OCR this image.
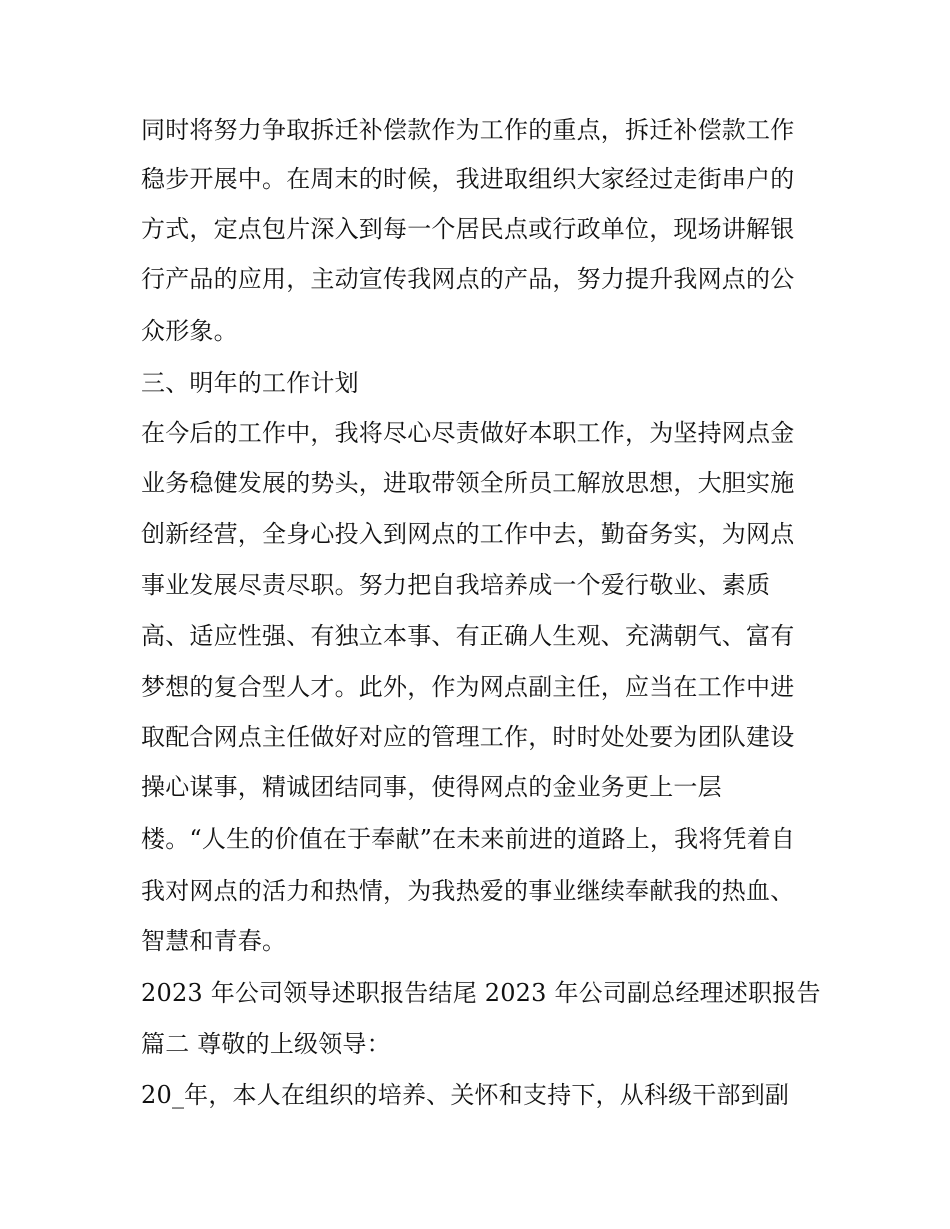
同时将努力争取拆迁补偿款作为工作的重点，拆迁补偿款工作
稳步开展中。在周末的时候，我进取组织大家经过走街串户的
方式，定点包片深入到每一个居民点或行政单位，现场讲解银
行产品的应用，主动宣传我网点的产品，努力提升我网点的公
众形象。
三、明年的工作计划
在今后的工作中，我将尽心尽责做好本职工作，为坚持网点金
业务稳健发展的势头，进取带领全所员工解放思想，大胆实施
创新经营，全身心投入到网点的工作中去，勤奋务实，为网点
事业发展尽责尽职。努力把自我培养成一个爱行敬业、素质
高、适应性强、有独立本事、有正确人生观、充满朝气、富有
梦想的复合型人才。此外，作为网点副主任，应当在工作中进
取配合网点主任做好对应的管理工作，时时处处要为团队建设
操心谋事，精诚团结同事，使得网点的金业务更上一层
楼。“人生的价值在于奉献”在未来前进的道路上，我将凭着自
我对网点的活力和热情，为我热爱的事业继续奉献我的热血、
智慧和青春。
2023 年公司领导述职报告结尾 2023 年公司副总经理述职报告
篇二 尊敬的上级领导：
20_年，本人在组织的培养、关怀和支持下，从科级干部到副
